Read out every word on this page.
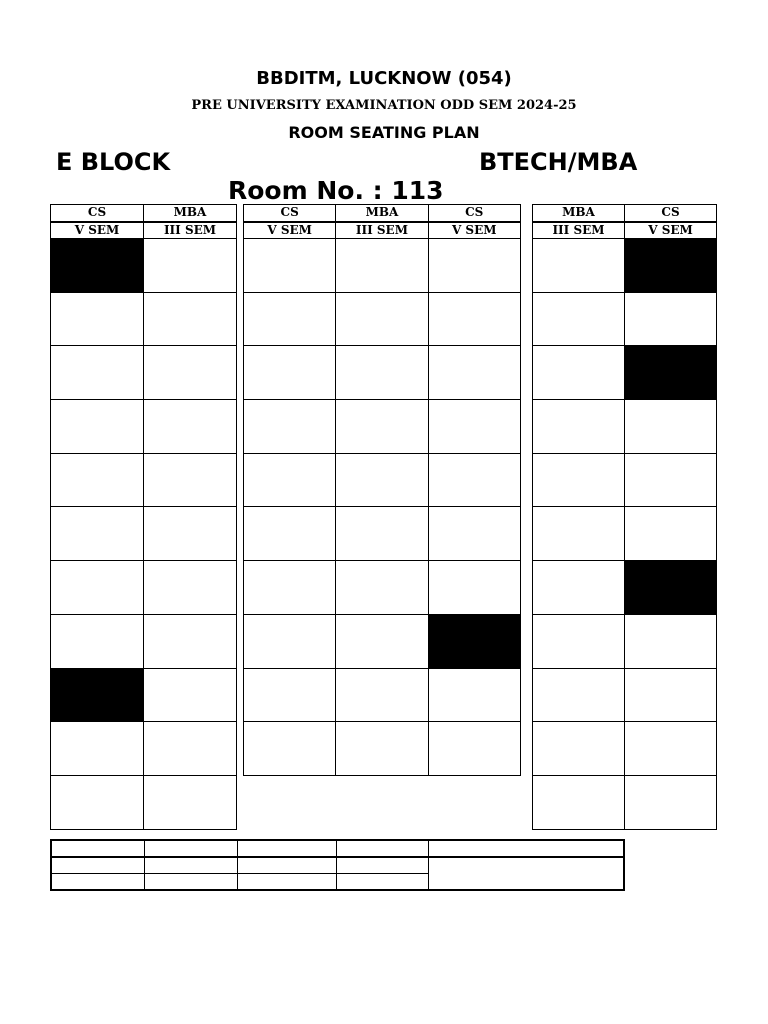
BBDITM, LUCKNOW (054)
PRE UNIVERSITY EXAMINATION ODD SEM 2024-25
ROOM SEATING PLAN
E BLOCK	BTECH/MBA
Room No. : 113
CS	MBA
V SEM	III SEM

CS	MBA	CS
V SEM	III SEM	V SEM

MBA	CS
III SEM	V SEM
